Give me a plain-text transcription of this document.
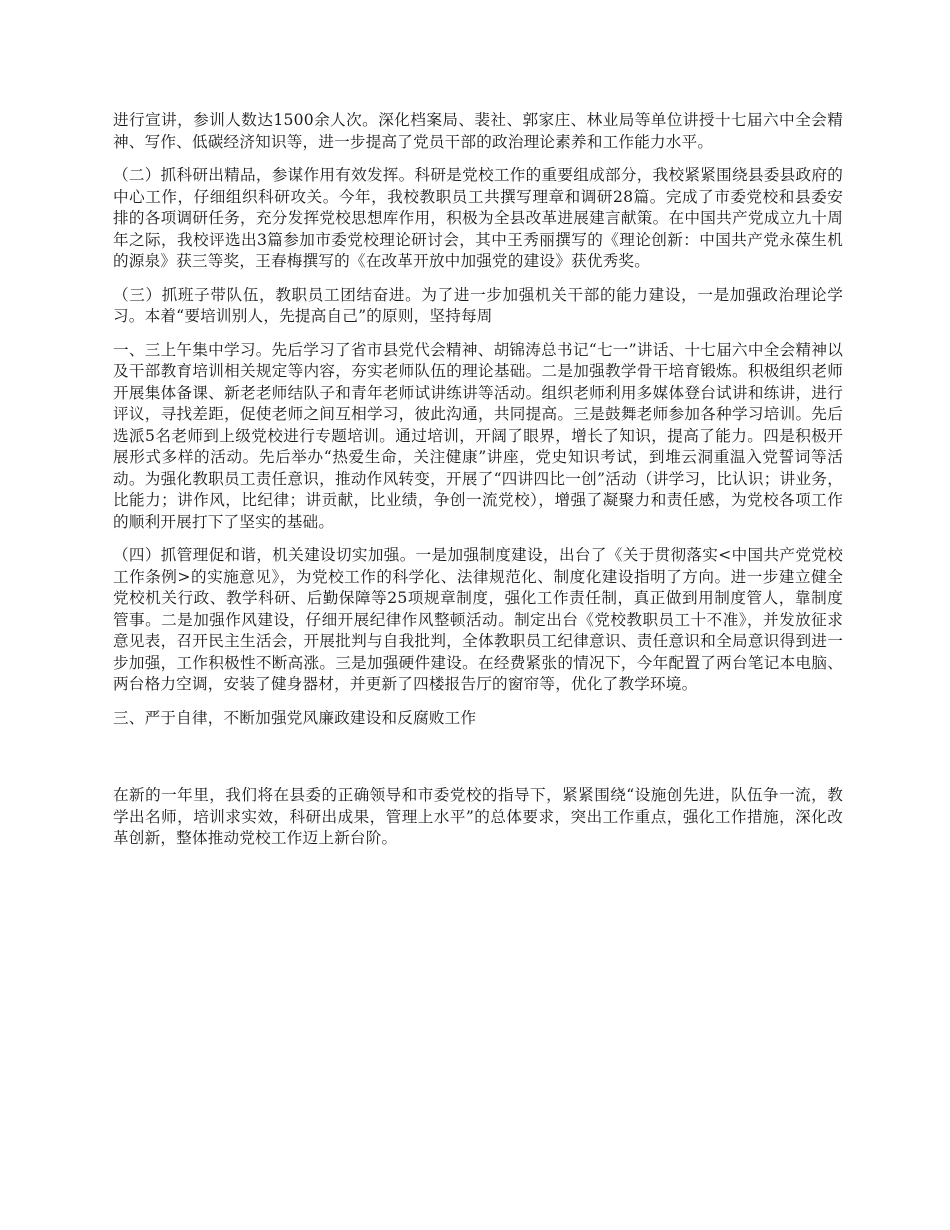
进行宣讲，参训人数达1500余人次。深化档案局、裴社、郭家庄、林业局等单位讲授十七届六中全会精神、写作、低碳经济知识等，进一步提高了党员干部的政治理论素养和工作能力水平。

（二）抓科研出精品，参谋作用有效发挥。科研是党校工作的重要组成部分，我校紧紧围绕县委县政府的中心工作，仔细组织科研攻关。今年，我校教职员工共撰写理章和调研28篇。完成了市委党校和县委安排的各项调研任务，充分发挥党校思想库作用，积极为全县改革进展建言献策。在中国共产党成立九十周年之际，我校评选出3篇参加市委党校理论研讨会，其中王秀丽撰写的《理论创新：中国共产党永葆生机的源泉》获三等奖，王春梅撰写的《在改革开放中加强党的建设》获优秀奖。

（三）抓班子带队伍，教职员工团结奋进。为了进一步加强机关干部的能力建设，一是加强政治理论学习。本着“要培训别人，先提高自己”的原则，坚持每周

一、三上午集中学习。先后学习了省市县党代会精神、胡锦涛总书记“七一”讲话、十七届六中全会精神以及干部教育培训相关规定等内容，夯实老师队伍的理论基础。二是加强教学骨干培育锻炼。积极组织老师开展集体备课、新老老师结队子和青年老师试讲练讲等活动。组织老师利用多媒体登台试讲和练讲，进行评议，寻找差距，促使老师之间互相学习，彼此沟通，共同提高。三是鼓舞老师参加各种学习培训。先后选派5名老师到上级党校进行专题培训。通过培训，开阔了眼界，增长了知识，提高了能力。四是积极开展形式多样的活动。先后举办“热爱生命，关注健康”讲座，党史知识考试，到堆云洞重温入党誓词等活动。为强化教职员工责任意识，推动作风转变，开展了“四讲四比一创”活动（讲学习，比认识；讲业务，比能力；讲作风，比纪律；讲贡献，比业绩，争创一流党校），增强了凝聚力和责任感，为党校各项工作的顺利开展打下了坚实的基础。

（四）抓管理促和谐，机关建设切实加强。一是加强制度建设，出台了《关于贯彻落实<中国共产党党校工作条例>的实施意见》，为党校工作的科学化、法律规范化、制度化建设指明了方向。进一步建立健全党校机关行政、教学科研、后勤保障等25项规章制度，强化工作责任制，真正做到用制度管人，靠制度管事。二是加强作风建设，仔细开展纪律作风整顿活动。制定出台《党校教职员工十不准》，并发放征求意见表，召开民主生活会，开展批判与自我批判，全体教职员工纪律意识、责任意识和全局意识得到进一步加强，工作积极性不断高涨。三是加强硬件建设。在经费紧张的情况下，今年配置了两台笔记本电脑、两台格力空调，安装了健身器材，并更新了四楼报告厅的窗帘等，优化了教学环境。

三、严于自律，不断加强党风廉政建设和反腐败工作

在新的一年里，我们将在县委的正确领导和市委党校的指导下，紧紧围绕“设施创先进，队伍争一流，教学出名师，培训求实效，科研出成果，管理上水平”的总体要求，突出工作重点，强化工作措施，深化改革创新，整体推动党校工作迈上新台阶。
